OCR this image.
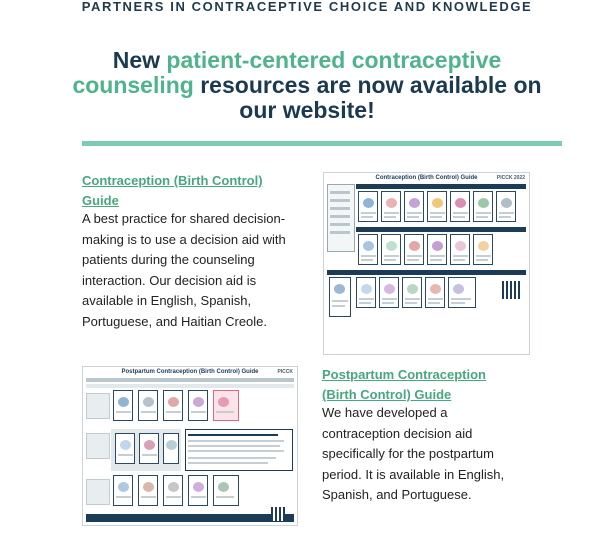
PARTNERS IN CONTRACEPTIVE CHOICE AND KNOWLEDGE
New patient-centered contraceptive counseling resources are now available on our website!
Contraception (Birth Control) Guide
A best practice for shared decision-making is to use a decision aid with patients during the counseling interaction. Our decision aid is available in English, Spanish, Portuguese, and Haitian Creole.
Contraception (Birth Control) Guide	PICCK 2022
Postpartum Contraception (Birth Control) Guide
We have developed a contraception decision aid specifically for the postpartum period. It is available in English, Spanish, and Portuguese.
Postpartum Contraception (Birth Control) Guide	PICCK
